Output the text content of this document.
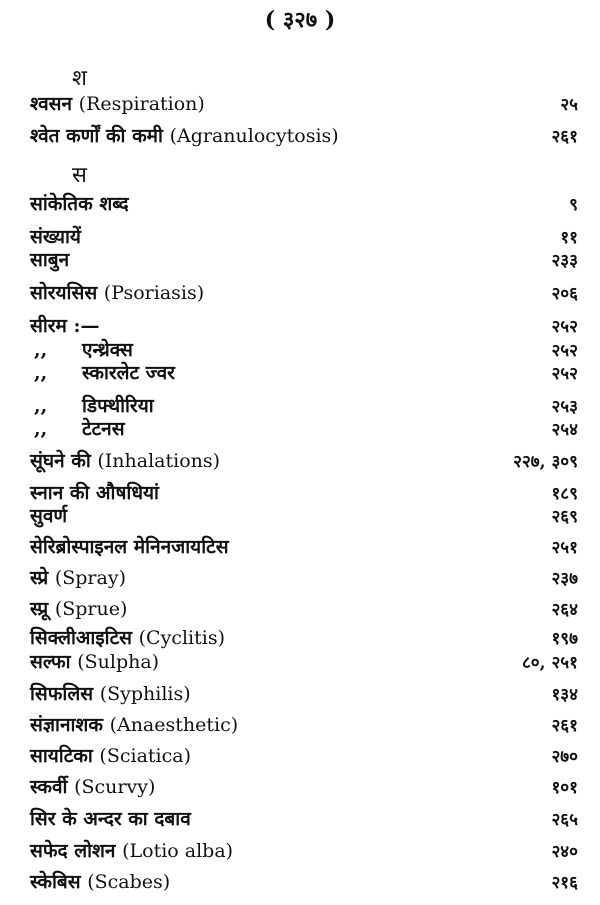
( ३२७ )
श
श्वसन (Respiration)	२५
श्वेत कर्णों की कमी (Agranulocytosis)	२६१
स
सांकेतिक शब्द	९
संख्यायें	११
साबुन	२३३
सोरयसिस (Psoriasis)	२०६
सीरम :—	२५२
,, एन्थ्रेक्स	२५२
,, स्कारलेट ज्वर	२५२
,, डिफ्थीरिया	२५३
,, टेटनस	२५४
सूंघने की (Inhalations)	२२७, ३०९
स्नान की औषधियां	१८९
सुवर्ण	२६९
सेरिब्रोस्पाइनल मेनिनजायटिस	२५१
स्प्रे (Spray)	२३७
स्प्रू (Sprue)	२६४
सिक्लीआइटिस (Cyclitis)	१९७
सल्फा (Sulpha)	८०, २५१
सिफलिस (Syphilis)	१३४
संज्ञानाशक (Anaesthetic)	२६१
सायटिका (Sciatica)	२७०
स्कर्वी (Scurvy)	१०१
सिर के अन्दर का दबाव	२६५
सफेद लोशन (Lotio alba)	२४०
स्केबिस (Scabes)	२१६
